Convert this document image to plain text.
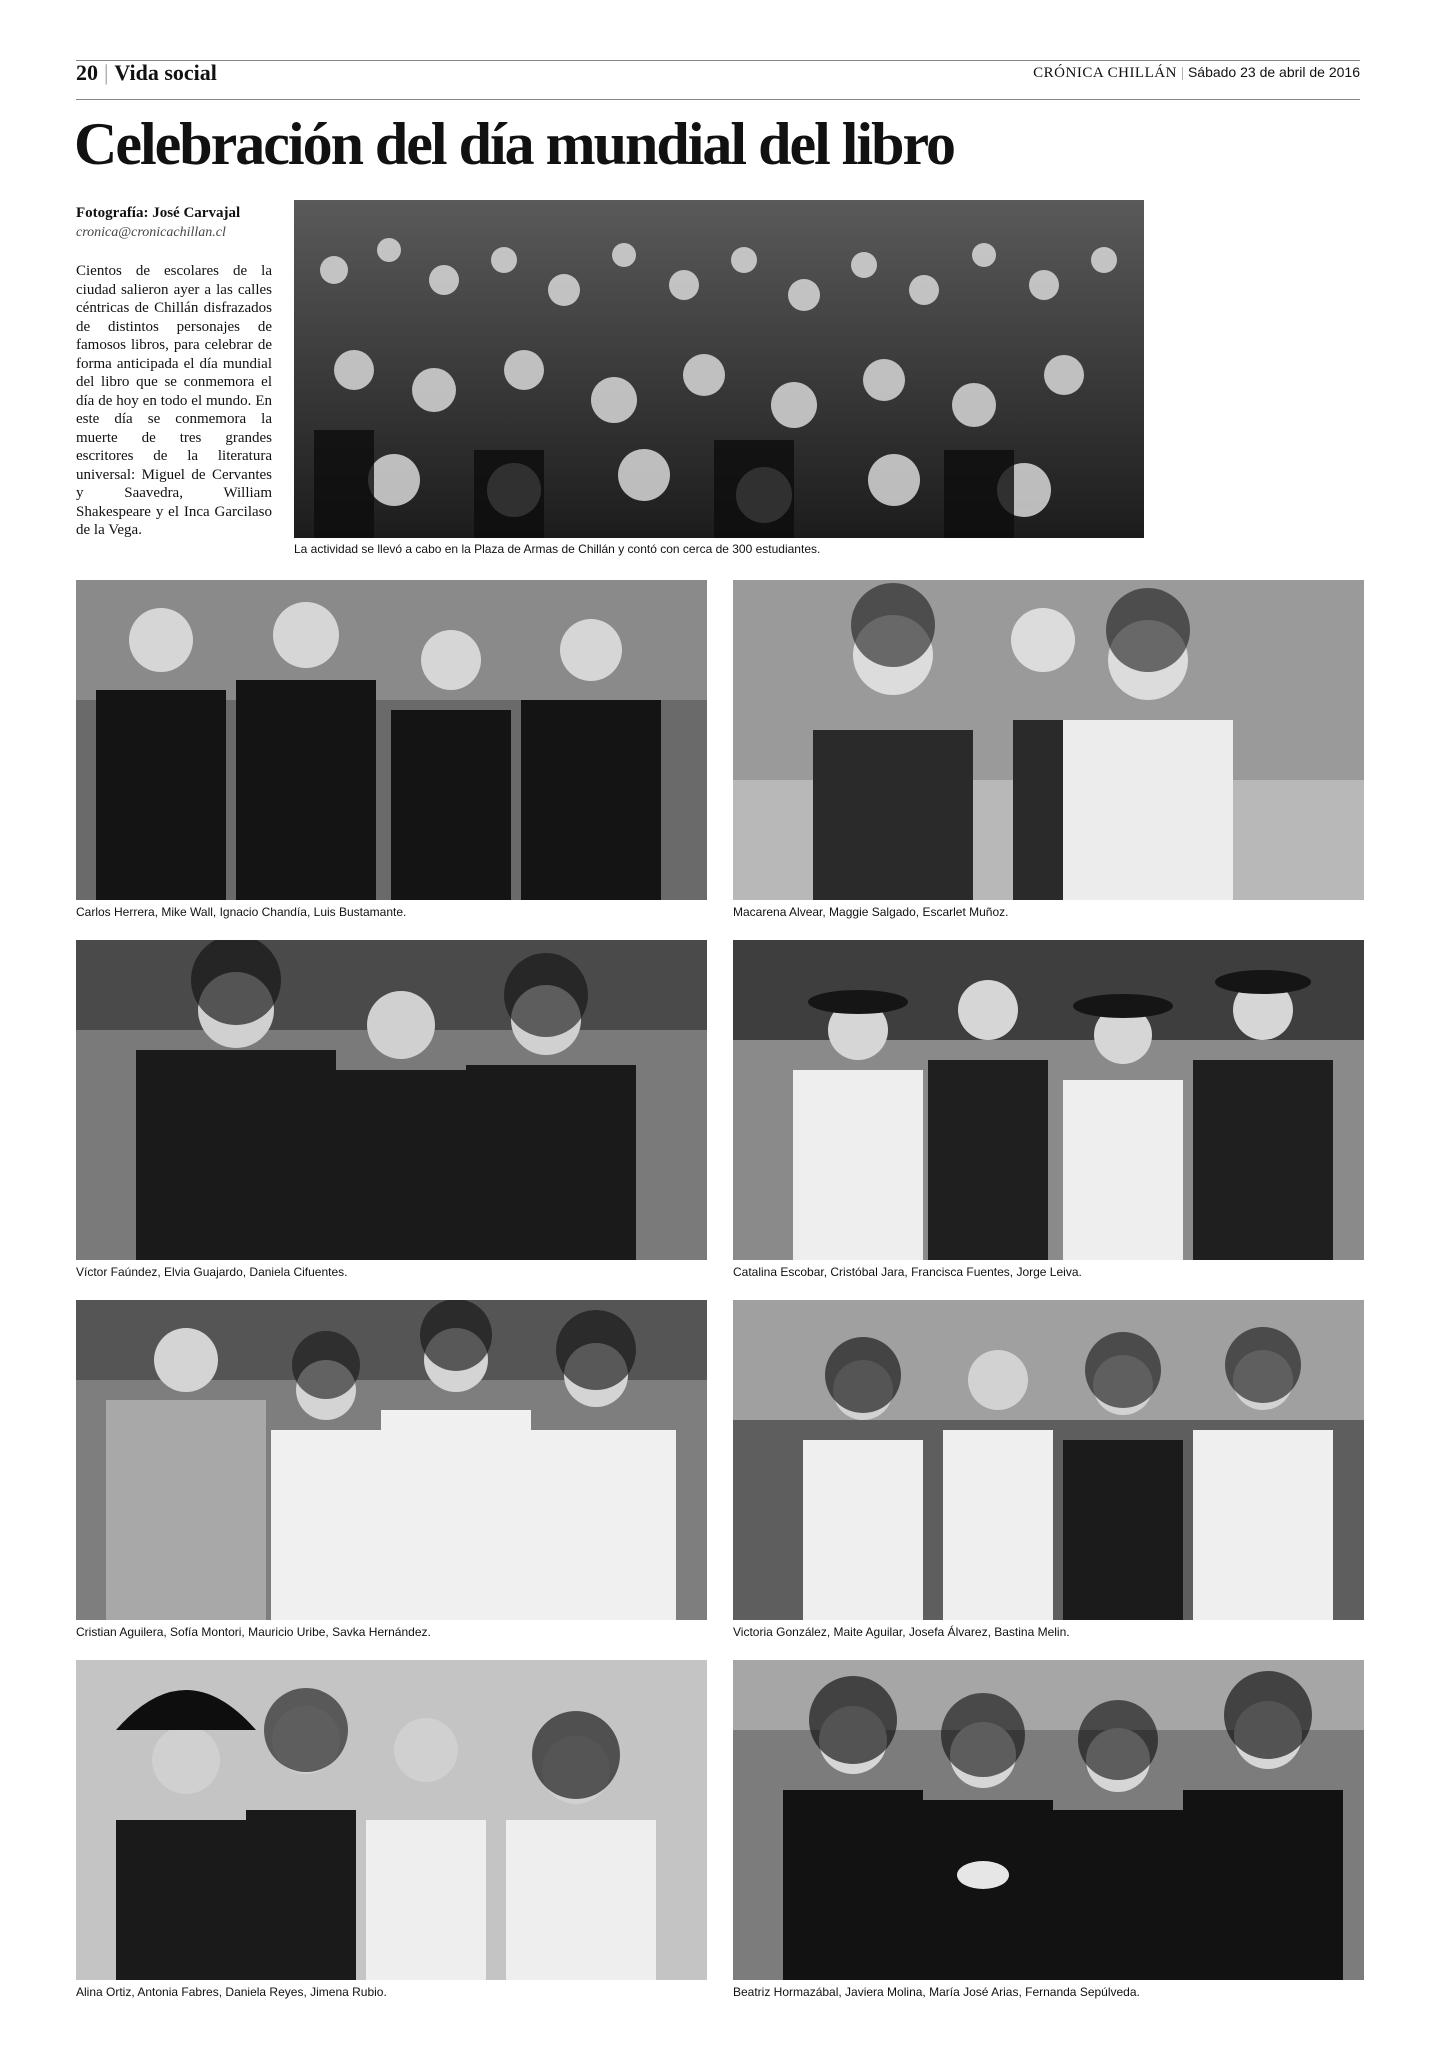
20 | Vida social	CRÓNICA CHILLÁN | Sábado 23 de abril de 2016
Celebración del día mundial del libro
Fotografía: José Carvajal
cronica@cronicachillan.cl
Cientos de escolares de la ciudad salieron ayer a las calles céntricas de Chillán disfrazados de distintos personajes de famosos libros, para celebrar de forma anticipada el día mundial del libro que se conmemora el día de hoy en todo el mundo. En este día se conmemora la muerte de tres grandes escritores de la literatura universal: Miguel de Cervantes y Saavedra, William Shakespeare y el Inca Garcilaso de la Vega.
La actividad se llevó a cabo en la Plaza de Armas de Chillán y contó con cerca de 300 estudiantes.
Carlos Herrera, Mike Wall, Ignacio Chandía, Luis Bustamante.	Macarena Alvear, Maggie Salgado, Escarlet Muñoz.
Víctor Faúndez, Elvia Guajardo, Daniela Cifuentes.	Catalina Escobar, Cristóbal Jara, Francisca Fuentes, Jorge Leiva.
Cristian Aguilera, Sofía Montori, Mauricio Uribe, Savka Hernández.	Victoria González, Maite Aguilar, Josefa Álvarez, Bastina Melin.
Alina Ortiz, Antonia Fabres, Daniela Reyes, Jimena Rubio.	Beatriz Hormazábal, Javiera Molina, María José Arias, Fernanda Sepúlveda.
